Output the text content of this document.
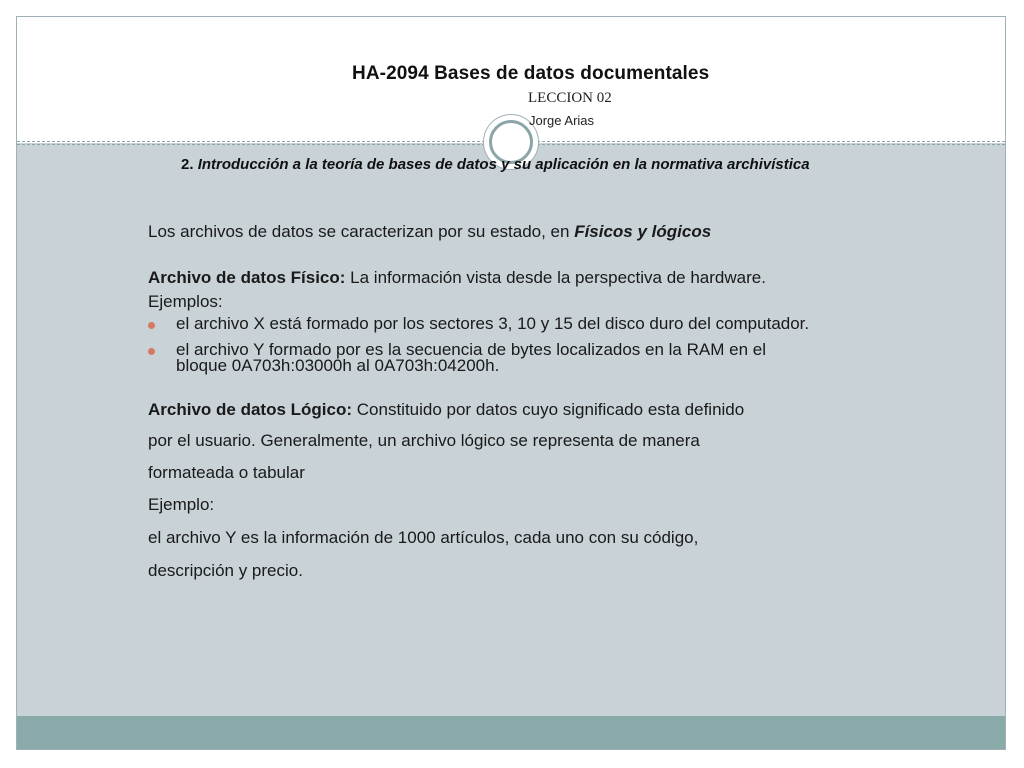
HA-2094 Bases de datos documentales
LECCION 02
Jorge Arias
2. Introducción a la teoría de bases de datos y su aplicación en la normativa archivística
Los archivos de datos se caracterizan por su estado, en Físicos y lógicos
Archivo de datos Físico: La información vista desde la perspectiva de hardware.
Ejemplos:
el archivo X está formado por los sectores 3, 10 y 15 del disco duro del computador.
el archivo Y formado por es la secuencia de bytes localizados en la RAM en el
bloque 0A703h:03000h al 0A703h:04200h.
Archivo de datos Lógico: Constituido por datos cuyo significado esta definido
por el usuario. Generalmente, un archivo lógico se representa de manera
formateada o tabular
Ejemplo:
el archivo Y es la información de 1000 artículos, cada uno con su código,
descripción y precio.
